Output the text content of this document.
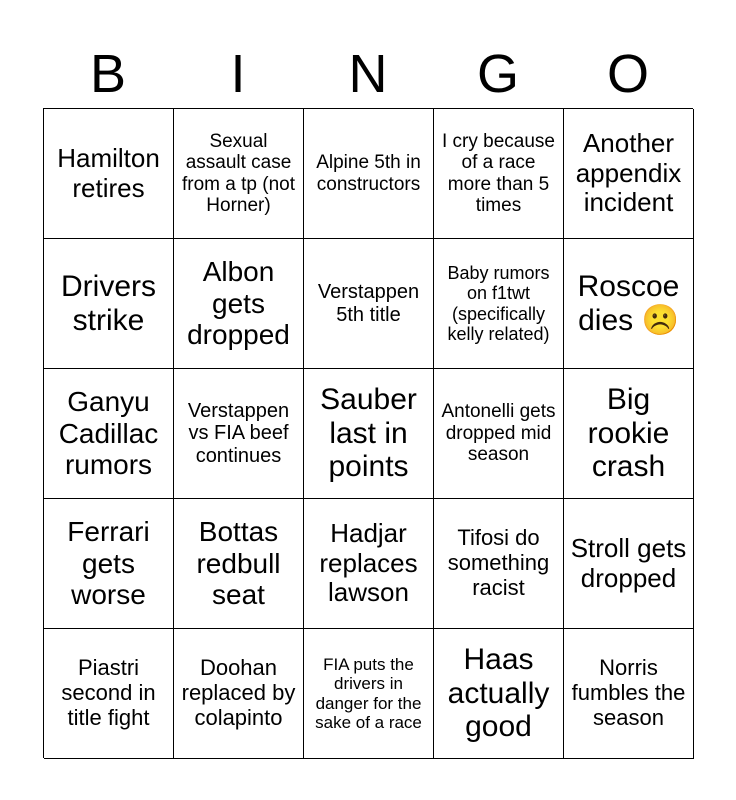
B	I	N	G	O
Hamilton retires
Sexual assault case from a tp (not Horner)
Alpine 5th in constructors
I cry because of a race more than 5 times
Another appendix incident
Drivers strike
Albon gets dropped
Verstappen 5th title
Baby rumors on f1twt (specifically kelly related)
Roscoe dies ☹️
Ganyu Cadillac rumors
Verstappen vs FIA beef continues
Sauber last in points
Antonelli gets dropped mid season
Big rookie crash
Ferrari gets worse
Bottas redbull seat
Hadjar replaces lawson
Tifosi do something racist
Stroll gets dropped
Piastri second in title fight
Doohan replaced by colapinto
FIA puts the drivers in danger for the sake of a race
Haas actually good
Norris fumbles the season
